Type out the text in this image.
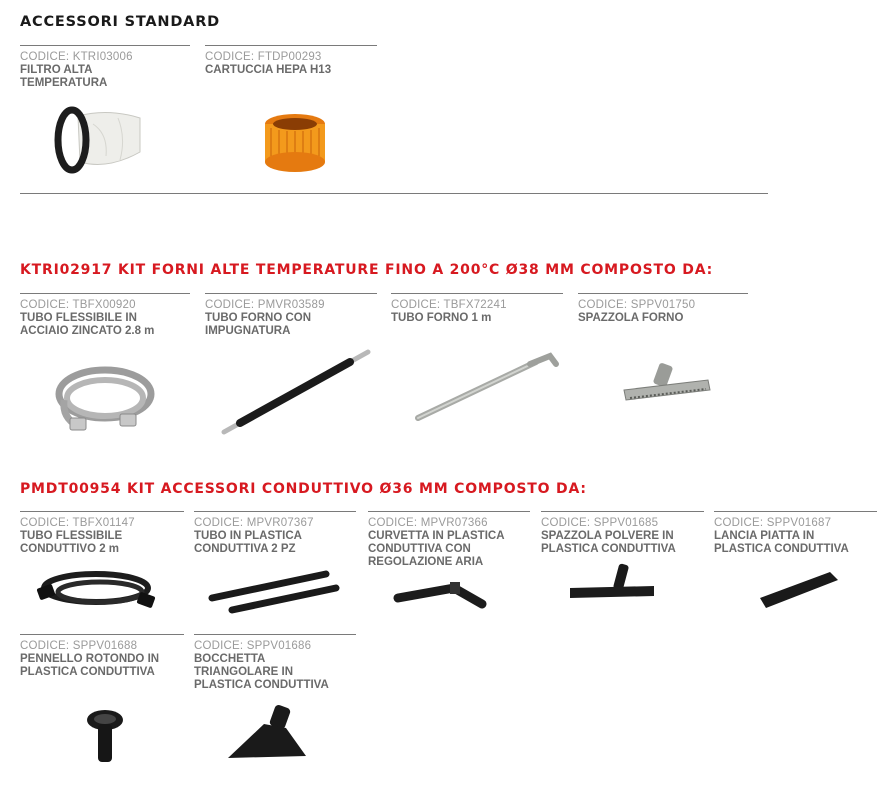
ACCESSORI STANDARD
CODICE: KTRI03006
FILTRO ALTA
TEMPERATURA
CODICE: FTDP00293
CARTUCCIA HEPA H13
KTRI02917 KIT FORNI ALTE TEMPERATURE FINO A 200°C Ø38 MM COMPOSTO DA:
CODICE: TBFX00920
TUBO FLESSIBILE IN
ACCIAIO ZINCATO 2.8 m
CODICE: PMVR03589
TUBO FORNO CON
IMPUGNATURA
CODICE: TBFX72241
TUBO FORNO 1 m
CODICE: SPPV01750
SPAZZOLA FORNO
PMDT00954 KIT ACCESSORI CONDUTTIVO Ø36 MM COMPOSTO DA:
CODICE: TBFX01147
TUBO FLESSIBILE
CONDUTTIVO 2 m
CODICE: MPVR07367
TUBO IN PLASTICA
CONDUTTIVA 2 PZ
CODICE: MPVR07366
CURVETTA IN PLASTICA
CONDUTTIVA CON
REGOLAZIONE ARIA
CODICE: SPPV01685
SPAZZOLA POLVERE IN
PLASTICA CONDUTTIVA
CODICE: SPPV01687
LANCIA PIATTA IN
PLASTICA CONDUTTIVA
CODICE: SPPV01688
PENNELLO ROTONDO IN
PLASTICA CONDUTTIVA
CODICE: SPPV01686
BOCCHETTA
TRIANGOLARE IN
PLASTICA CONDUTTIVA
